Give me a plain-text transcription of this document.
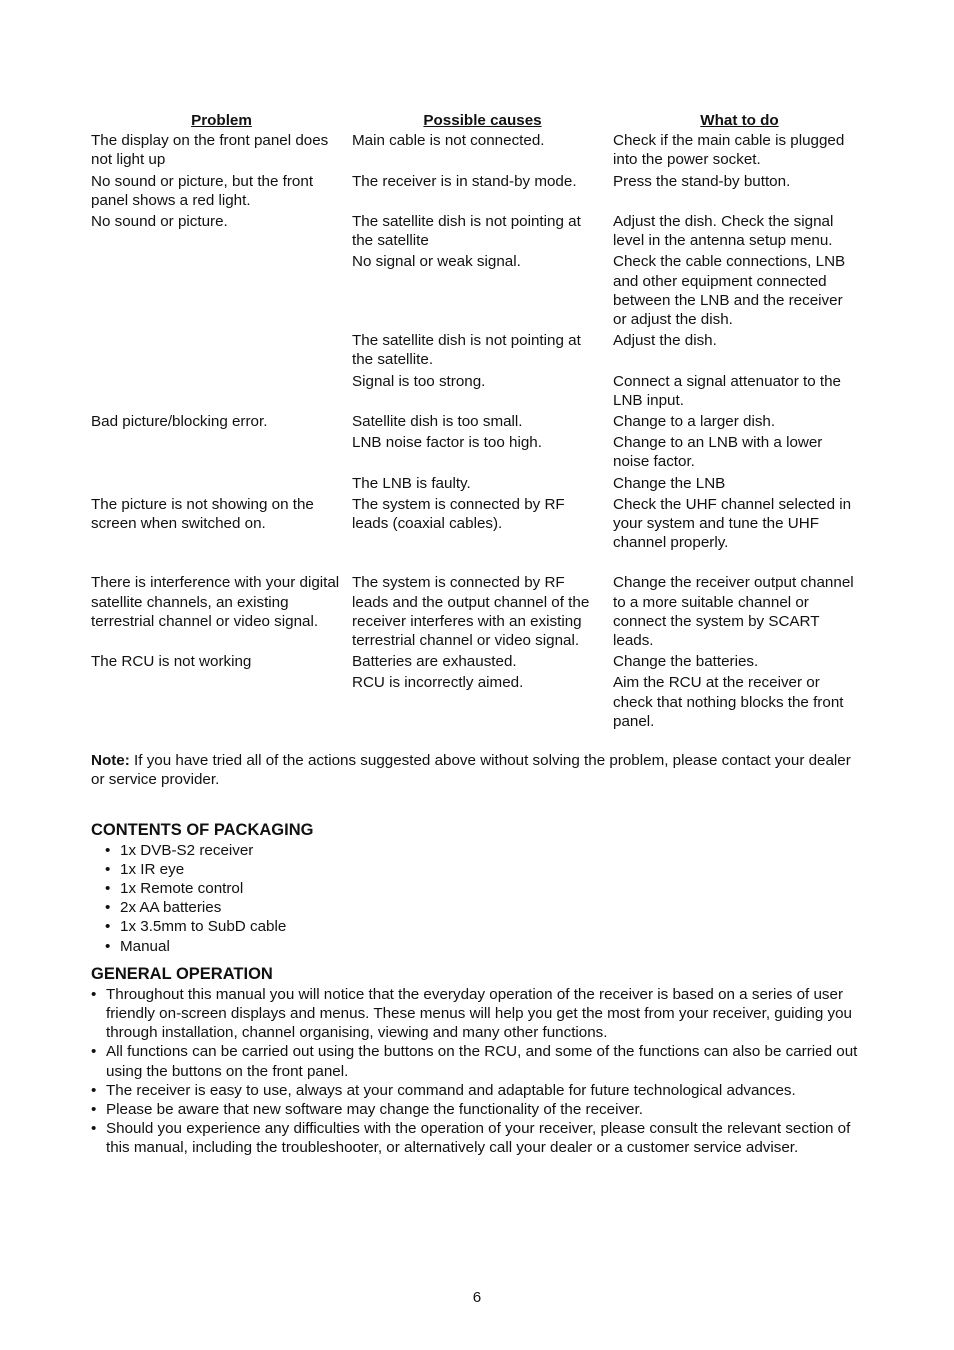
Problem	Possible causes	What to do
The display on the front panel does not light up	Main cable is not connected.	Check if the main cable is plugged into the power socket.
No sound or picture, but the front panel shows a red light.	The receiver is in stand-by mode.	Press the stand-by button.
No sound or picture.	The satellite dish is not pointing at the satellite	Adjust the dish. Check the signal level in the antenna setup menu.
	No signal or weak signal.	Check the cable connections, LNB and other equipment connected between the LNB and the receiver or adjust the dish.
	The satellite dish is not pointing at the satellite.	Adjust the dish.
	Signal is too strong.	Connect a signal attenuator to the LNB input.
Bad picture/blocking error.	Satellite dish is too small.	Change to a larger dish.
	LNB noise factor is too high.	Change to an LNB with a lower noise factor.
	The LNB is faulty.	Change the LNB
The picture is not showing on the screen when switched on.	The system is connected by RF leads (coaxial cables).	Check the UHF channel selected in your system and tune the UHF channel properly.
There is interference with your digital satellite channels, an existing terrestrial channel or video signal.	The system is connected by RF leads and the output channel of the receiver interferes with an existing terrestrial channel or video signal.	Change the receiver output channel to a more suitable channel or connect the system by SCART leads.
The RCU is not working	Batteries are exhausted.	Change the batteries.
	RCU is incorrectly aimed.	Aim the RCU at the receiver or check that nothing blocks the front panel.
Note: If you have tried all of the actions suggested above without solving the problem, please contact your dealer or service provider.
CONTENTS OF PACKAGING
• 1x DVB-S2 receiver
• 1x IR eye
• 1x Remote control
• 2x AA batteries
• 1x 3.5mm to SubD cable
• Manual
GENERAL OPERATION
• Throughout this manual you will notice that the everyday operation of the receiver is based on a series of user friendly on-screen displays and menus. These menus will help you get the most from your receiver, guiding you through installation, channel organising, viewing and many other functions.
• All functions can be carried out using the buttons on the RCU, and some of the functions can also be carried out using the buttons on the front panel.
• The receiver is easy to use, always at your command and adaptable for future technological advances.
• Please be aware that new software may change the functionality of the receiver.
• Should you experience any difficulties with the operation of your receiver, please consult the relevant section of this manual, including the troubleshooter, or alternatively call your dealer or a customer service adviser.
6
